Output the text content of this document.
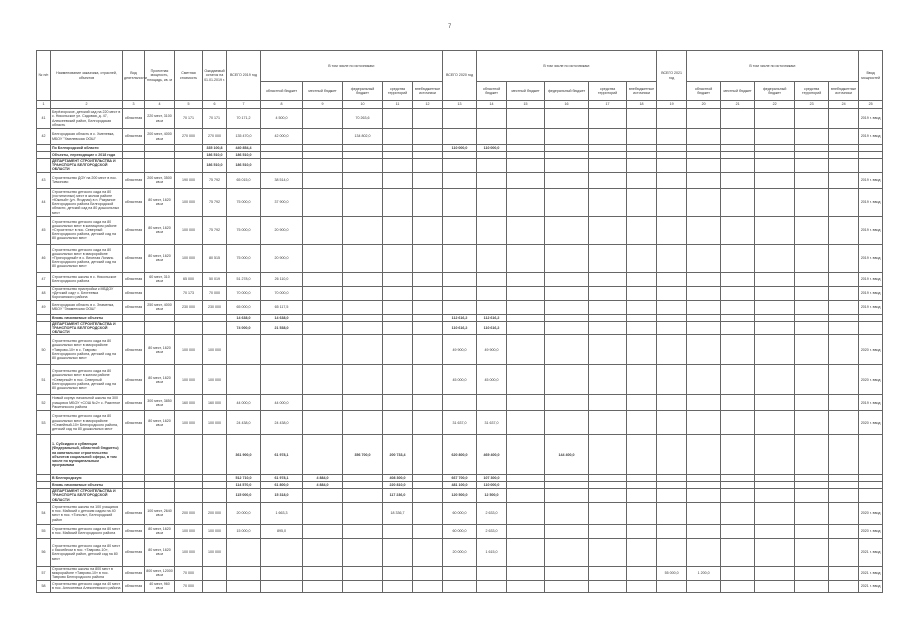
7
№ п/п	Наименование заказчика, отраслей, объектов	Вид деятельности	Проектная мощность, площадь, кв. м	Сметная стоимость	Ожидаемый остаток на 01.01.2019 г.	ВСЕГО 2019 год	В том числе по источникам:					ВСЕГО 2020 год	В том числе по источникам:					ВСЕГО 2021 год	В том числе по источникам:					Ввод мощностей
							областной бюджет	местный бюджет	федеральный бюджет	средства территорий	внебюджетные источники		областной бюджет	местный бюджет	федеральный бюджет	средства территорий	внебюджетные источники		областной бюджет	местный бюджет	федеральный бюджет	средства территорий	внебюджетные источники	
1	2	3	4	5	6	7	8	9	10	11	12	13	14	15	16	17	18	19	20	21	22	23	24	25
41	Берёзгорское, детский сад на 220 мест в с. Никольское ул. Садовая, д. 47, Алексеевский район, Белгородская область	областная	220 мест, 3100 кв.м	70 171	70 171	70 171,2	4 500,0		70 263,6															2019 г. ввод
42	Белгородская область в с. Хмелевка, МБОУ "Хмелевская ООШ"	областная	200 мест, 4000 кв.м	270 000	270 000	135 470,0	42 000,0		134 802,0															2019 г. ввод
	По Белгородской области				335 100,8	440 854,4						110 000,0	110 000,0											
	Объекты, переходящие с 2018 года				186 510,0	186 510,0																		
	ДЕПАРТАМЕНТ СТРОИТЕЛЬСТВА И ТРАНСПОРТА БЕЛГОРОДСКОЙ ОБЛАСТИ				186 510,0	186 510,0																		
43	Строительство ДОУ на 200 мест в пос. Тимоново	областная	200 мест, 3500 кв.м	190 000	75 792	65 015,0	38 514,0																	2019 г. ввод
44	Строительство детского сада на 80 (гостиничных) мест в жилом районе «Южный» (ул. Ягодная) в п. Разумное Белгородского района Белгородской области, детский сад на 80 дошкольных мест	областная	80 мест, 1620 кв.м	100 000	75 792	75 000,0	37 900,0																	2019 г. ввод
45	Строительство детского сада на 80 дошкольных мест в жилищном районе «Строитель» в пос. Северный Белгородского района, детский сад на 80 дошкольных мест	областная	80 мест, 1620 кв.м	100 000	75 792	75 000,0	20 900,0																	2019 г. ввод
46	Строительство детского сада на 80 дошкольных мест в микрорайоне «Пригородный» в с. Веселая Лопань Белгородского района, детский сад на 80 дошкольных мест	областная	80 мест, 1620 кв.м	100 000	80 515	75 000,0	20 900,0																	2019 г. ввод
47	Строительство школы в с. Никольское Белгородского района	областная	60 мест, 310 кв.м	65 000	50 019	51 278,0	26 110,0																	2019 г. ввод
48	Строительство пристройки к МБДОУ «Детский сад» с. Бехтеевка Корочанского района	областная		70 173	70 000	70 000,0	70 000,0																	2019 г. ввод
49	Белгородская область в с. Знаменка, МБОУ "Знаменская ООШ"	областная	250 мест, 4000 кв.м	230 000	230 000	65 000,0	65 117,5																	2019 г. ввод
	Вновь начинаемые объекты					14 638,0	14 638,0					112 616,2	112 616,2											
	ДЕПАРТАМЕНТ СТРОИТЕЛЬСТВА И ТРАНСПОРТА БЕЛГОРОДСКОЙ ОБЛАСТИ					74 000,0	21 538,0					110 616,2	110 616,2											
50	Строительство детского сада на 80 дошкольных мест в микрорайоне «Таврово-10» в с. Таврово Белгородского района, детский сад на 80 дошкольных мест	областная	80 мест, 1620 кв.м	100 000	100 000							49 900,0	49 900,0											2020 г. ввод
51	Строительство детского сада на 80 дошкольных мест в жилом районе «Северный» в пос. Северный Белгородского района, детский сад на 80 дошкольных мест	областная	80 мест, 1620 кв.м	100 000	100 000							45 000,0	45 000,0											2020 г. ввод
52	Новый корпус начальной школы на 300 учащихся МБОУ «СОШ №2» с. Ракитное Ракитянского района	областная	300 мест, 3850 кв.м	160 000	160 000	44 000,0	44 000,0																	2019 г. ввод
53	Строительство детского сада на 80 дошкольных мест в микрорайоне «Семейный-10» Белгородского района, детский сад на 80 дошкольных мест	областная	80 мест, 1620 кв.м	100 000	100 000	24 438,0	24 438,0					31 637,0	31 637,0											2020 г. ввод
	1. Субсидии и субвенции (Федеральный, областной бюджеты) на капитальное строительство объектов социальной сферы, в том числе по муниципальным программам					361 900,0	61 978,1		356 700,0	200 733,4		620 800,0	469 400,0		144 400,0									
	В Белгородскую					512 710,0	61 978,1	4 884,0		408 300,0		667 700,0	107 300,0											
	Вновь начинаемые объекты					114 570,0	61 800,0	4 884,0		220 810,0		481 100,0	110 000,0											
	ДЕПАРТАМЕНТ СТРОИТЕЛЬСТВА И ТРАНСПОРТА БЕЛГОРОДСКОЙ ОБЛАСТИ					115 000,0	15 318,0			117 236,0		120 500,0	12 500,0											
54	Строительство школы на 100 учащихся в пос. Майский с детским садом на 40 мест в пос. «Тополь», Белгородский район	областная	100 мест, 2640 кв.м	200 000	200 000	20 000,0	1 663,3			18 336,7		60 000,0	2 633,0											2020 г. ввод
55	Строительство детского сада на 80 мест в пос. Майский Белгородского района	областная	80 мест, 1620 кв.м	100 000	100 000	15 000,0	895,0					60 000,0	2 633,0											2020 г. ввод
56	Строительство детского сада на 80 мест с бассейном в пос. «Таврово-10», Белгородский район, детский сад на 80 мест	областная	80 мест, 1620 кв.м	100 000	100 000							20 000,0	1 615,0											2021 г. ввод
57	Строительство школы на 800 мест в микрорайоне «Таврово-10» в пос. Таврово Белгородского района	областная	800 мест, 12000 кв.м	70 000														55 000,0	1 200,0					2021 г. ввод
58	Строительство детского сада на 40 мест в пос. Алексеевка Алексеевского района	областная	40 мест, 960 кв.м	70 000																				2021 г. ввод
